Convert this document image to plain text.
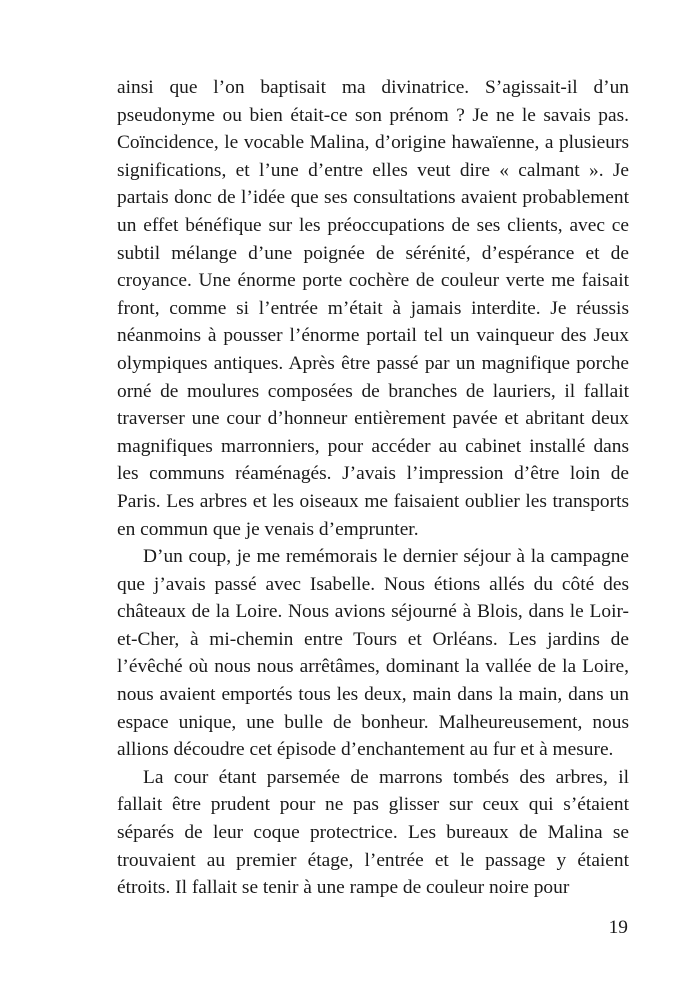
ainsi que l’on baptisait ma divinatrice. S’agissait-il d’un pseudonyme ou bien était-ce son prénom ? Je ne le savais pas. Coïncidence, le vocable Malina, d’origine hawaïenne, a plusieurs significations, et l’une d’entre elles veut dire « calmant ». Je partais donc de l’idée que ses consultations avaient probablement un effet bénéfique sur les préoccupations de ses clients, avec ce subtil mélange d’une poignée de sérénité, d’espérance et de croyance. Une énorme porte cochère de couleur verte me faisait front, comme si l’entrée m’était à jamais interdite. Je réussis néanmoins à pousser l’énorme portail tel un vainqueur des Jeux olympiques antiques. Après être passé par un magnifique porche orné de moulures composées de branches de lauriers, il fallait traverser une cour d’honneur entièrement pavée et abritant deux magnifiques marronniers, pour accéder au cabinet installé dans les communs réaménagés. J’avais l’impression d’être loin de Paris. Les arbres et les oiseaux me faisaient oublier les transports en commun que je venais d’emprunter.

D’un coup, je me remémorais le dernier séjour à la campagne que j’avais passé avec Isabelle. Nous étions allés du côté des châteaux de la Loire. Nous avions séjourné à Blois, dans le Loir-et-Cher, à mi-chemin entre Tours et Orléans. Les jardins de l’évêché où nous nous arrêtâmes, dominant la vallée de la Loire, nous avaient emportés tous les deux, main dans la main, dans un espace unique, une bulle de bonheur. Malheureusement, nous allions découdre cet épisode d’enchantement au fur et à mesure.

La cour étant parsemée de marrons tombés des arbres, il fallait être prudent pour ne pas glisser sur ceux qui s’étaient séparés de leur coque protectrice. Les bureaux de Malina se trouvaient au premier étage, l’entrée et le passage y étaient étroits. Il fallait se tenir à une rampe de couleur noire pour

19
